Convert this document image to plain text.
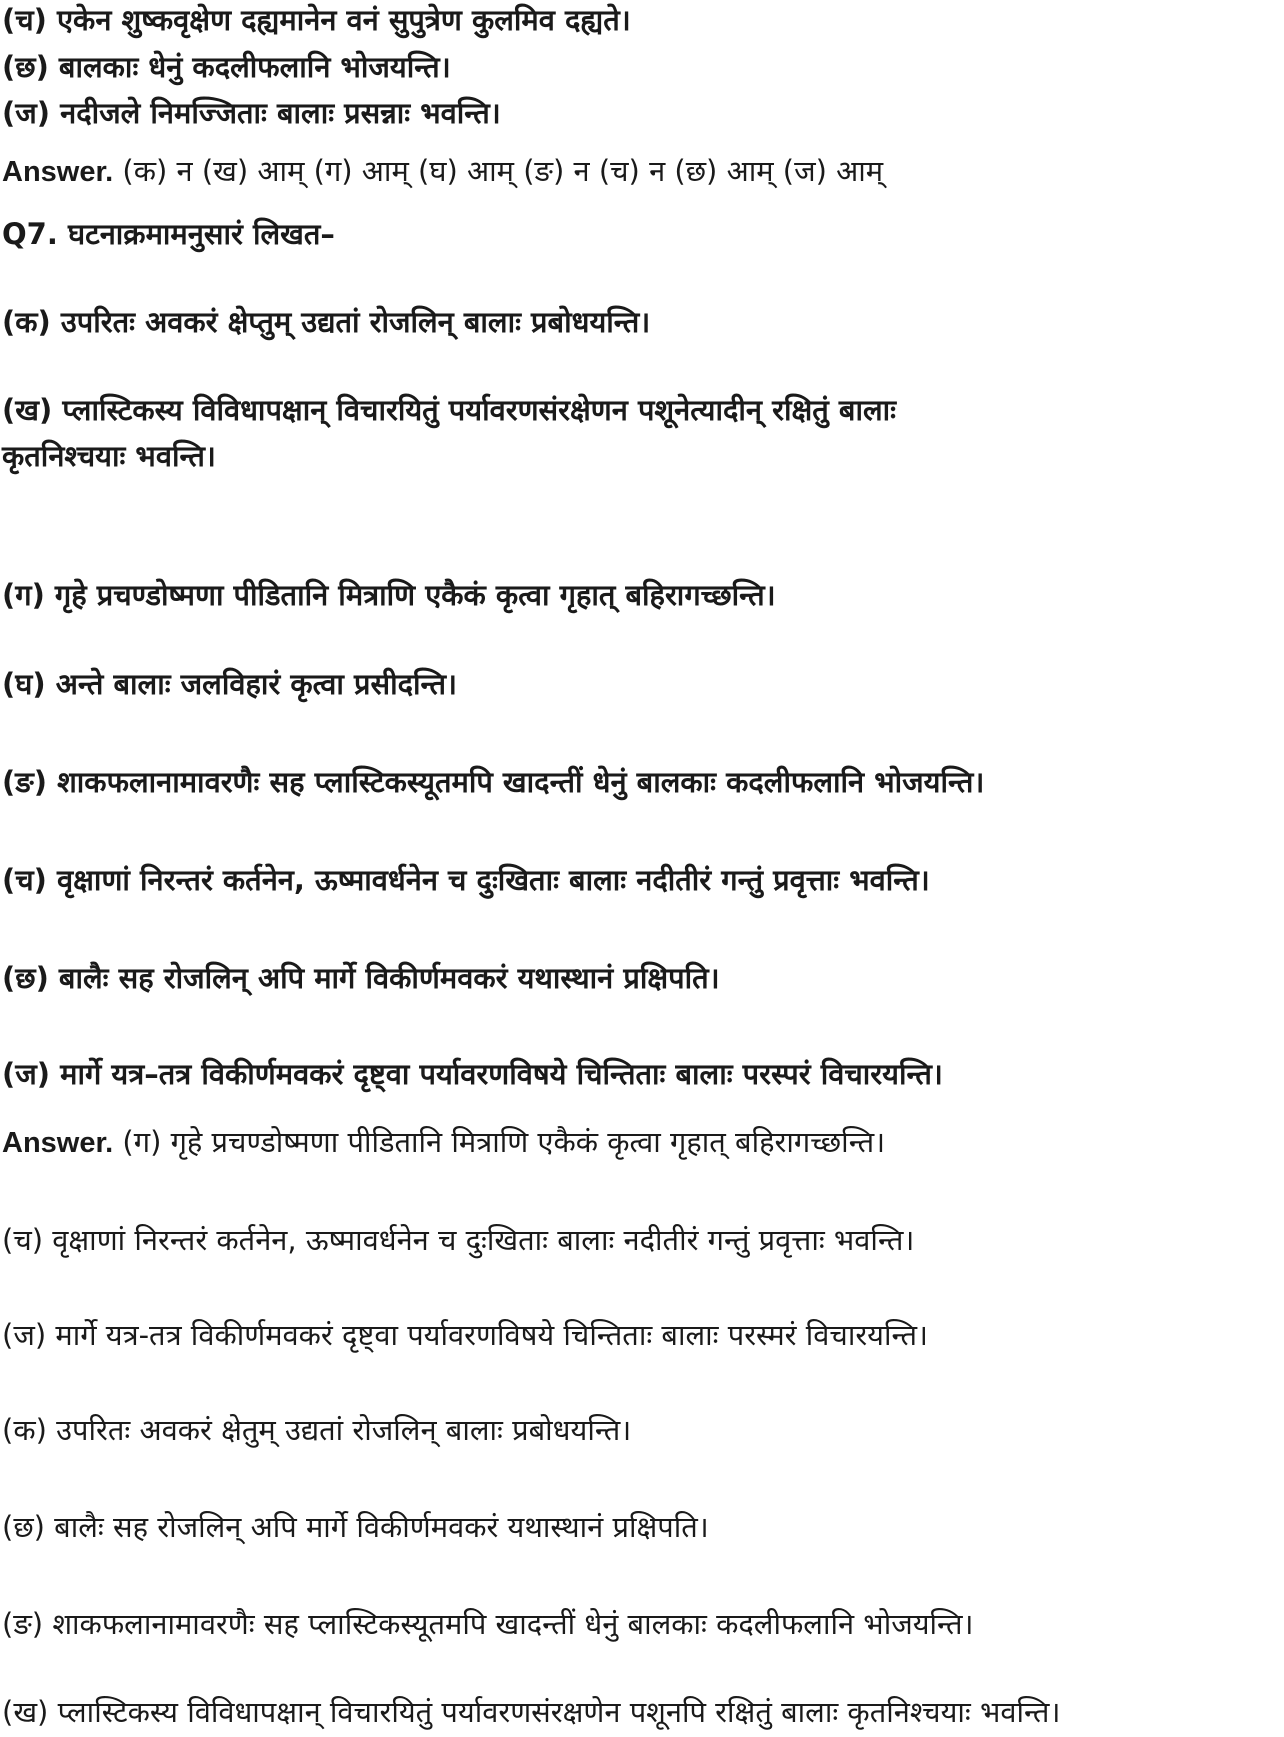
(च) एकेन शुष्कवृक्षेण दह्यमानेन वनं सुपुत्रेण कुलमिव दह्यते।
(छ) बालकाः धेनुं कदलीफलानि भोजयन्ति।
(ज) नदीजले निमज्जिताः बालाः प्रसन्नाः भवन्ति।
Answer. (क) न (ख) आम् (ग) आम् (घ) आम् (ङ) न (च) न (छ) आम् (ज) आम्
Q7. घटनाक्रमामनुसारं लिखत–
(क) उपरितः अवकरं क्षेप्तुम् उद्यतां रोजलिन् बालाः प्रबोधयन्ति।
(ख) प्लास्टिकस्य विविधापक्षान् विचारयितुं पर्यावरणसंरक्षेणन पशूनेत्यादीन् रक्षितुं बालाः
कृतनिश्चयाः भवन्ति।
(ग) गृहे प्रचण्डोष्मणा पीडितानि मित्राणि एकैकं कृत्वा गृहात् बहिरागच्छन्ति।
(घ) अन्ते बालाः जलविहारं कृत्वा प्रसीदन्ति।
(ङ) शाकफलानामावरणैः सह प्लास्टिकस्यूतमपि खादन्तीं धेनुं बालकाः कदलीफलानि भोजयन्ति।
(च) वृक्षाणां निरन्तरं कर्तनेन, ऊष्मावर्धनेन च दुःखिताः बालाः नदीतीरं गन्तुं प्रवृत्ताः भवन्ति।
(छ) बालैः सह रोजलिन् अपि मार्गे विकीर्णमवकरं यथास्थानं प्रक्षिपति।
(ज) मार्गे यत्र–तत्र विकीर्णमवकरं दृष्ट्वा पर्यावरणविषये चिन्तिताः बालाः परस्परं विचारयन्ति।
Answer. (ग) गृहे प्रचण्डोष्मणा पीडितानि मित्राणि एकैकं कृत्वा गृहात् बहिरागच्छन्ति।
(च) वृक्षाणां निरन्तरं कर्तनेन, ऊष्मावर्धनेन च दुःखिताः बालाः नदीतीरं गन्तुं प्रवृत्ताः भवन्ति।
(ज) मार्गे यत्र-तत्र विकीर्णमवकरं दृष्ट्वा पर्यावरणविषये चिन्तिताः बालाः परस्मरं विचारयन्ति।
(क) उपरितः अवकरं क्षेतुम् उद्यतां रोजलिन् बालाः प्रबोधयन्ति।
(छ) बालैः सह रोजलिन् अपि मार्गे विकीर्णमवकरं यथास्थानं प्रक्षिपति।
(ङ) शाकफलानामावरणैः सह प्लास्टिकस्यूतमपि खादन्तीं धेनुं बालकाः कदलीफलानि भोजयन्ति।
(ख) प्लास्टिकस्य विविधापक्षान् विचारयितुं पर्यावरणसंरक्षणेन पशूनपि रक्षितुं बालाः कृतनिश्चयाः भवन्ति।
